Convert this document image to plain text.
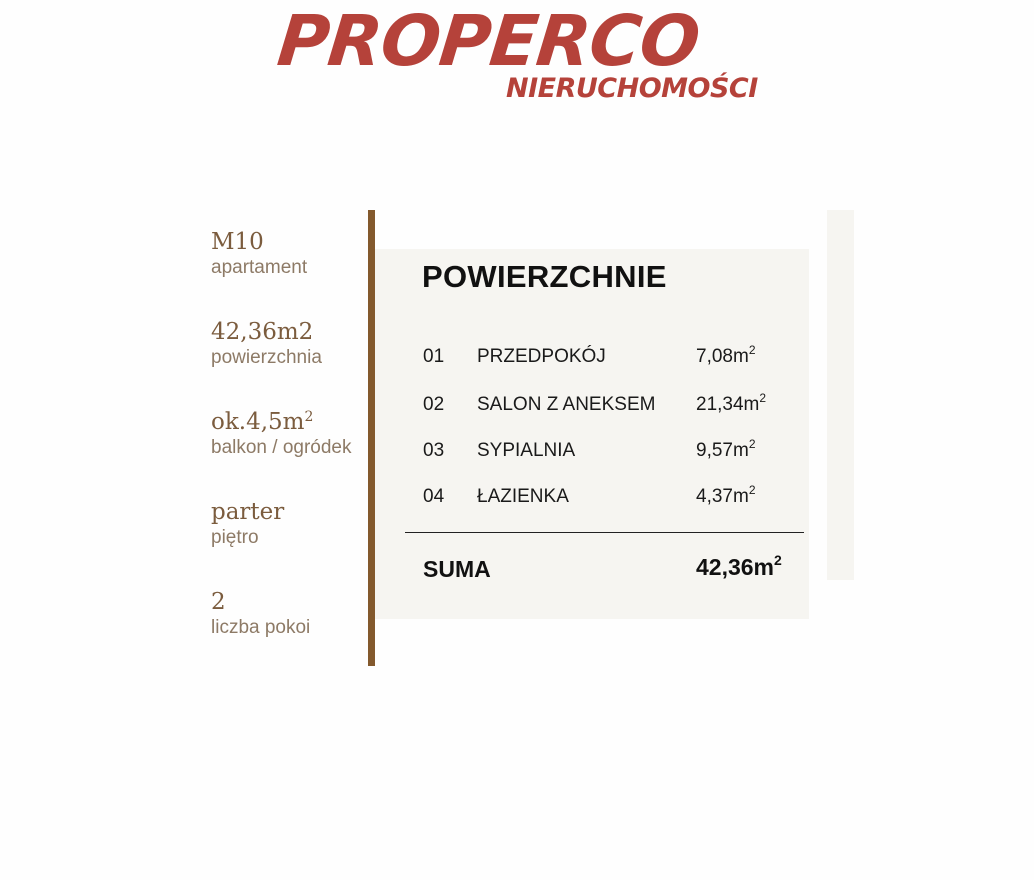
PROPERCO
NIERUCHOMOŚCI
M10
apartament
42,36m2
powierzchnia
$ok.4,5m^2$
balkon / ogródek
parter
piętro
2
liczba pokoi
POWIERZCHNIE
01 PRZEDPOKÓJ	$7,08m^2$
02 SALON Z ANEKSEM $21,34m^2$
03 SYPIALNIA	$9,57m^2$
04 ŁAZIENKA	$4,37m^2$
SUMA	$42,36m^2$
